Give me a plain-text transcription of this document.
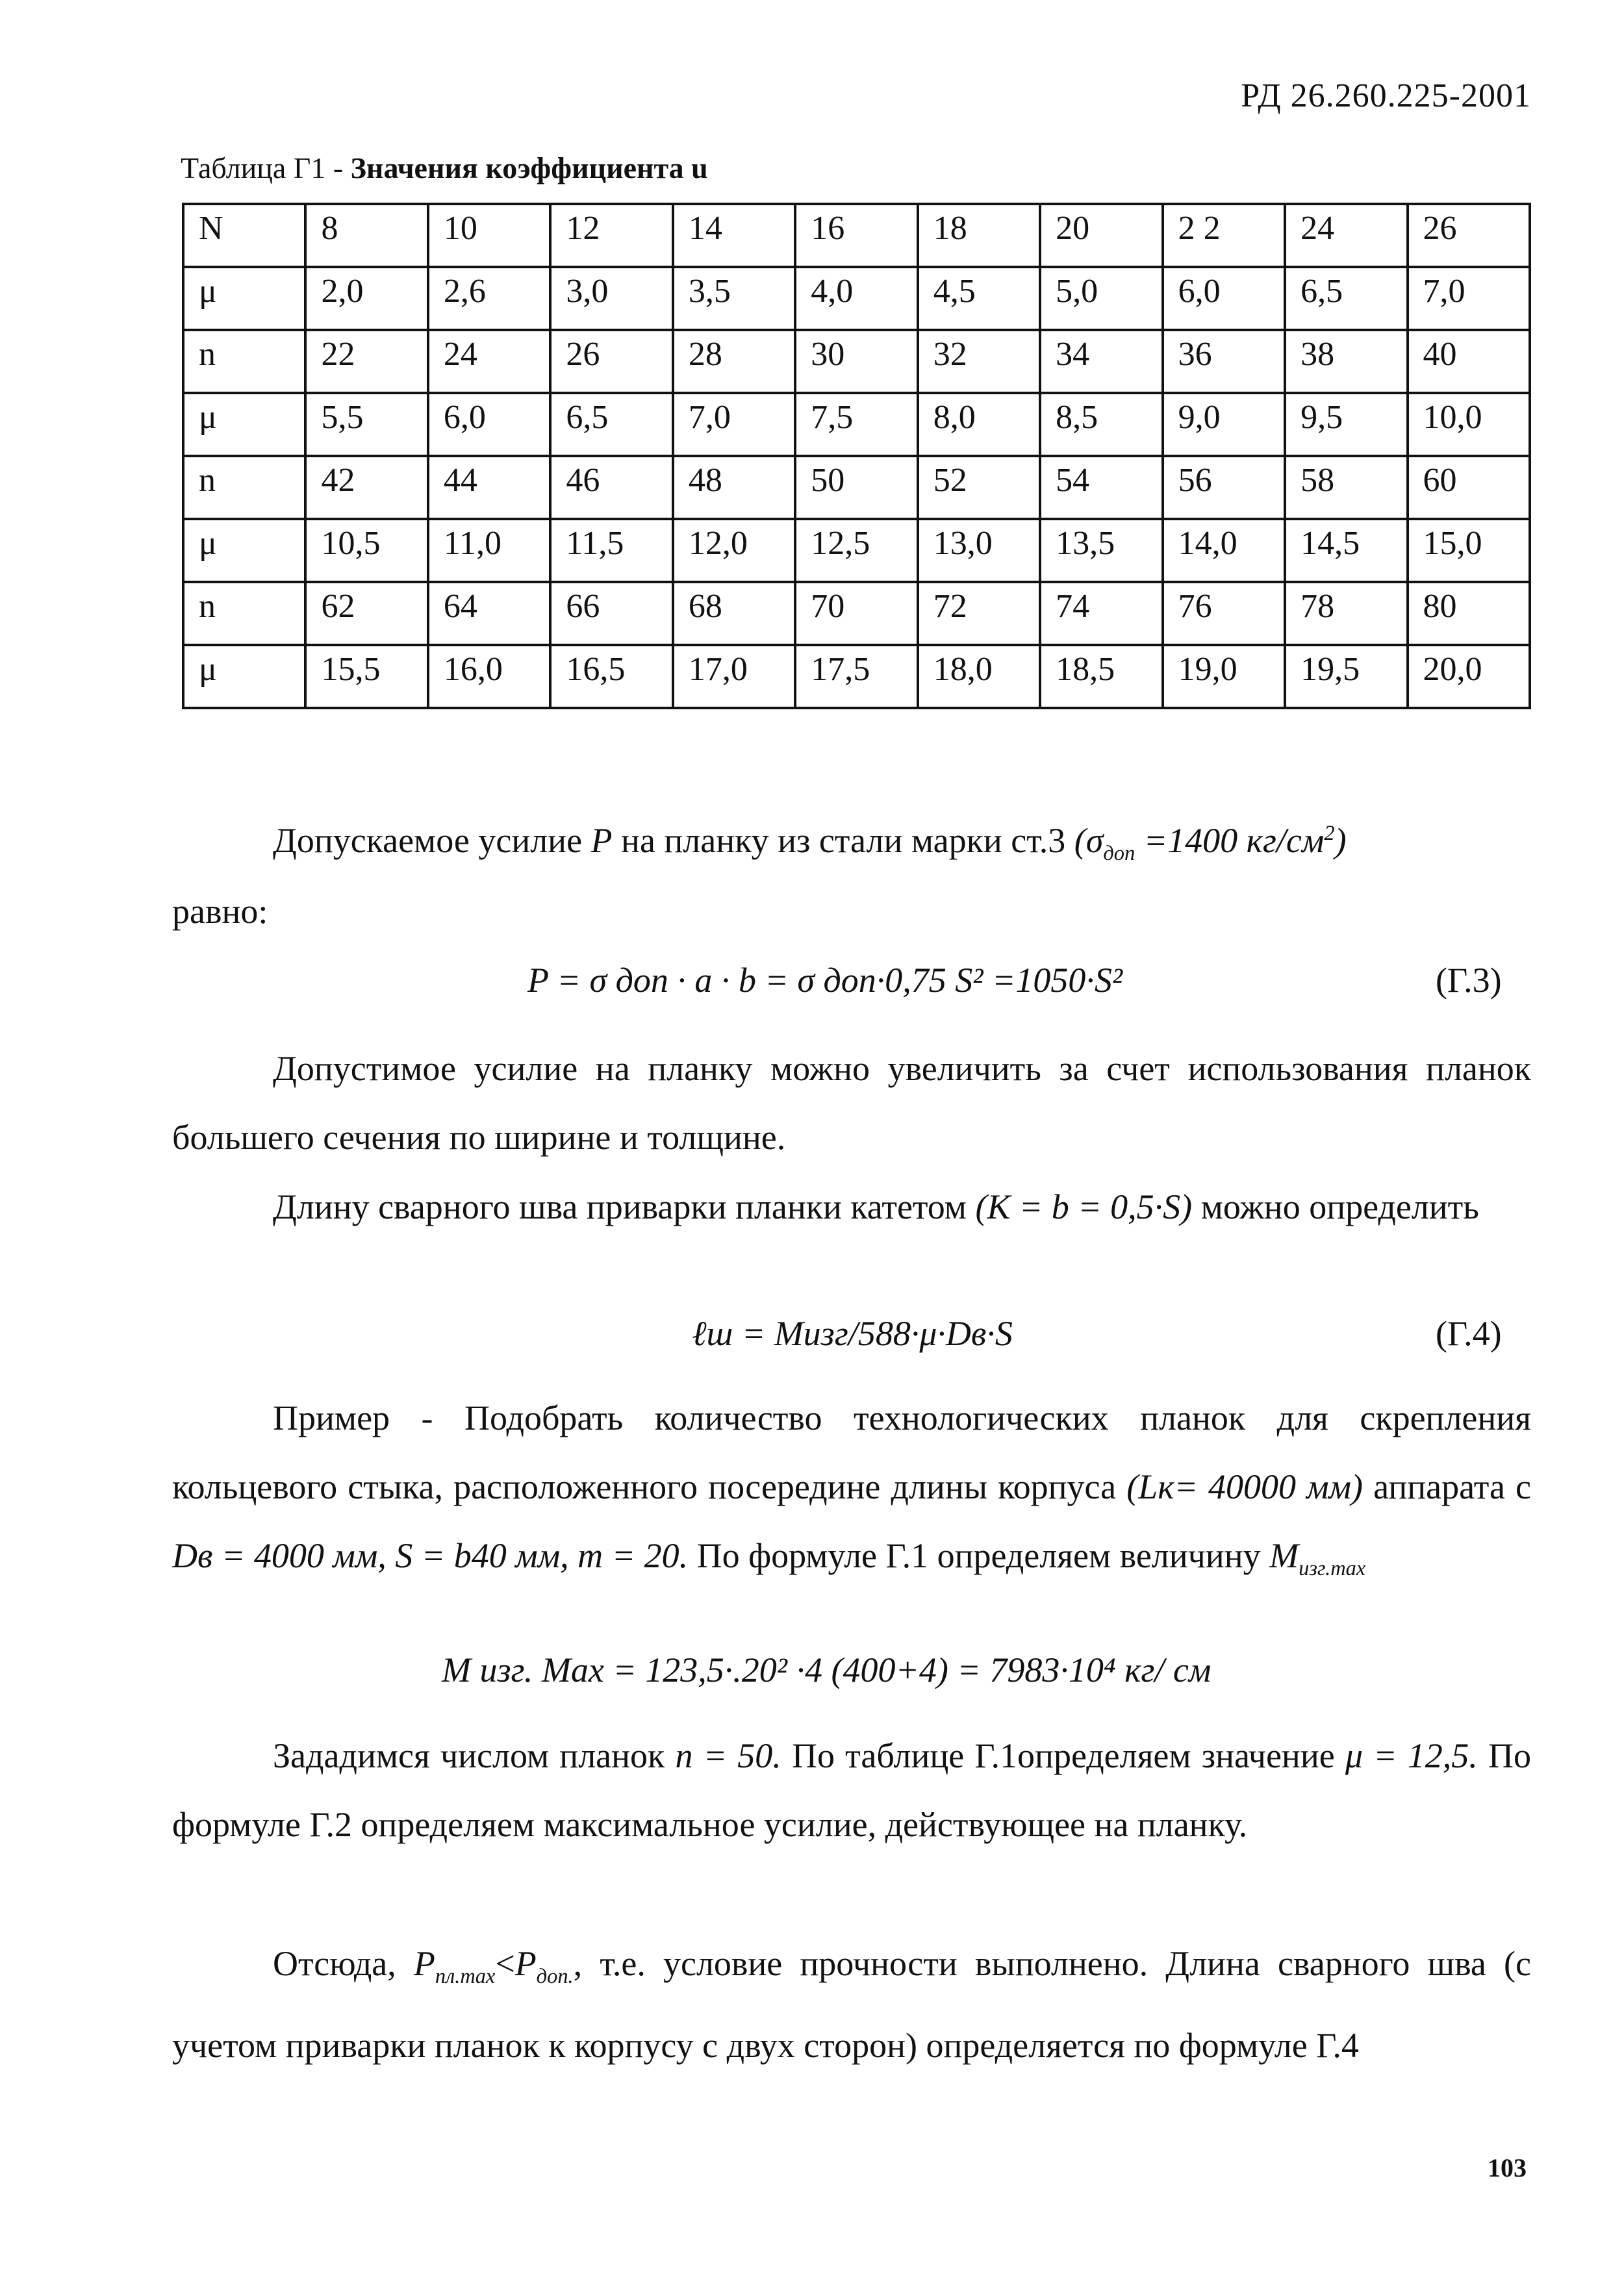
РД 26.260.225-2001
Таблица Г1 - Значения коэффициента u
N	8	10	12	14	16	18	20	2 2	24	26
μ	2,0	2,6	3,0	3,5	4,0	4,5	5,0	6,0	6,5	7,0
n	22	24	26	28	30	32	34	36	38	40
μ	5,5	6,0	6,5	7,0	7,5	8,0	8,5	9,0	9,5	10,0
n	42	44	46	48	50	52	54	56	58	60
μ	10,5	11,0	11,5	12,0	12,5	13,0	13,5	14,0	14,5	15,0
n	62	64	66	68	70	72	74	76	78	80
μ	15,5	16,0	16,5	17,0	17,5	18,0	18,5	19,0	19,5	20,0
Допускаемое усилие P на планку из стали марки ст.3 ($\sigma_{доп} =1400$ $кг/см^2$)
равно:
P = σ доп · a · b = σ доп·0,75 S² =1050·S²	(Г.3)
Допустимое усилие на планку можно увеличить за счет использования планок большего сечения по ширине и толщине.
Длину сварного шва приварки планки катетом (К = b = 0,5·S) можно определить
ℓш = Mизг/588·μ·Dв·S	(Г.4)
Пример - Подобрать количество технологических планок для скрепления кольцевого стыка, расположенного посередине длины корпуса (Lк= 40000 мм) аппарата с Dв = 4000 мм, S = b40 мм, m = 20. По формуле Г.1 определяем величину $M_{изг.max}$
M изг. Max = 123,5·.20² ·4 (400+4) = 7983·10⁴ кг/ см
Зададимся числом планок n = 50. По таблице Г.1определяем значение μ = 12,5. По формуле Г.2 определяем максимальное усилие, действующее на планку.
Отсюда, $P_{пл.max}<P_{доп.}$, т.е. условие прочности выполнено. Длина сварного шва (с учетом приварки планок к корпусу с двух сторон) определяется по формуле Г.4
103
